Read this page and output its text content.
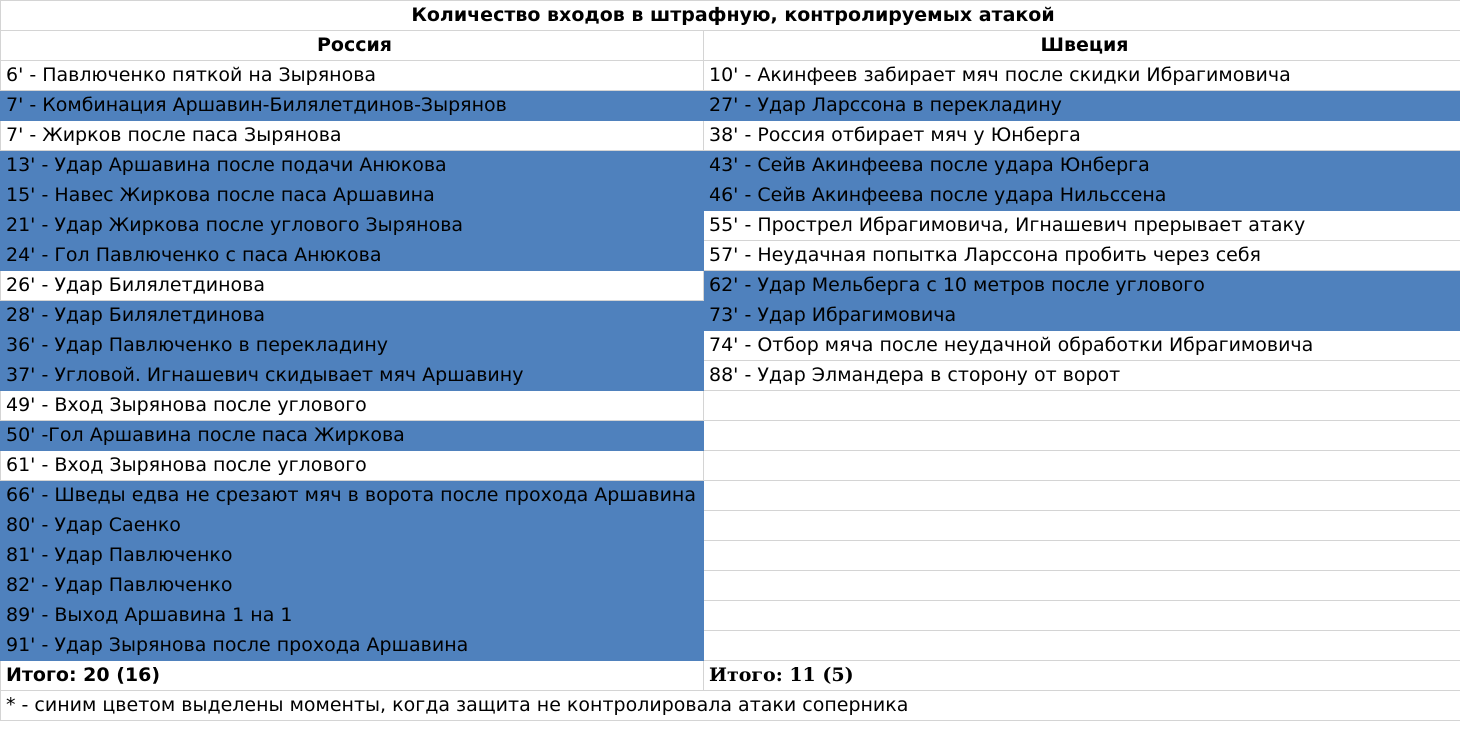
Количество входов в штрафную, контролируемых атакой	
Россия	Швеция
6' - Павлюченко пяткой на Зырянова	10' - Акинфеев забирает мяч после скидки Ибрагимовича
7' - Комбинация Аршавин-Билялетдинов-Зырянов	27' - Удар Ларссона в перекладину
7' - Жирков после паса Зырянова	38' - Россия отбирает мяч у Юнберга
13' - Удар Аршавина после подачи Анюкова	43' - Сейв Акинфеева после удара Юнберга
15' - Навес Жиркова после паса Аршавина	46' - Сейв Акинфеева после удара Нильссена
21' - Удар Жиркова после углового Зырянова	55' - Прострел Ибрагимовича, Игнашевич прерывает атаку
24' - Гол Павлюченко с паса Анюкова	57' - Неудачная попытка Ларссона пробить через себя
26' - Удар Билялетдинова	62' - Удар Мельберга с 10 метров после углового
28' - Удар Билялетдинова	73' - Удар Ибрагимовича
36' - Удар Павлюченко в перекладину	74' - Отбор мяча после неудачной обработки Ибрагимовича
37' - Угловой. Игнашевич скидывает мяч Аршавину	88' - Удар Элмандера в сторону от ворот
49' - Вход Зырянова после углового	
50' -Гол Аршавина после паса Жиркова	
61' - Вход Зырянова после углового	
66' - Шведы едва не срезают мяч в ворота после прохода Аршавина	
80' - Удар Саенко	
81' - Удар Павлюченко	
82' - Удар Павлюченко	
89' - Выход Аршавина 1 на 1	
91' - Удар Зырянова после прохода Аршавина	
Итого: 20 (16)	Итого: 11 (5)
* - синим цветом выделены моменты, когда защита не контролировала атаки соперника	
